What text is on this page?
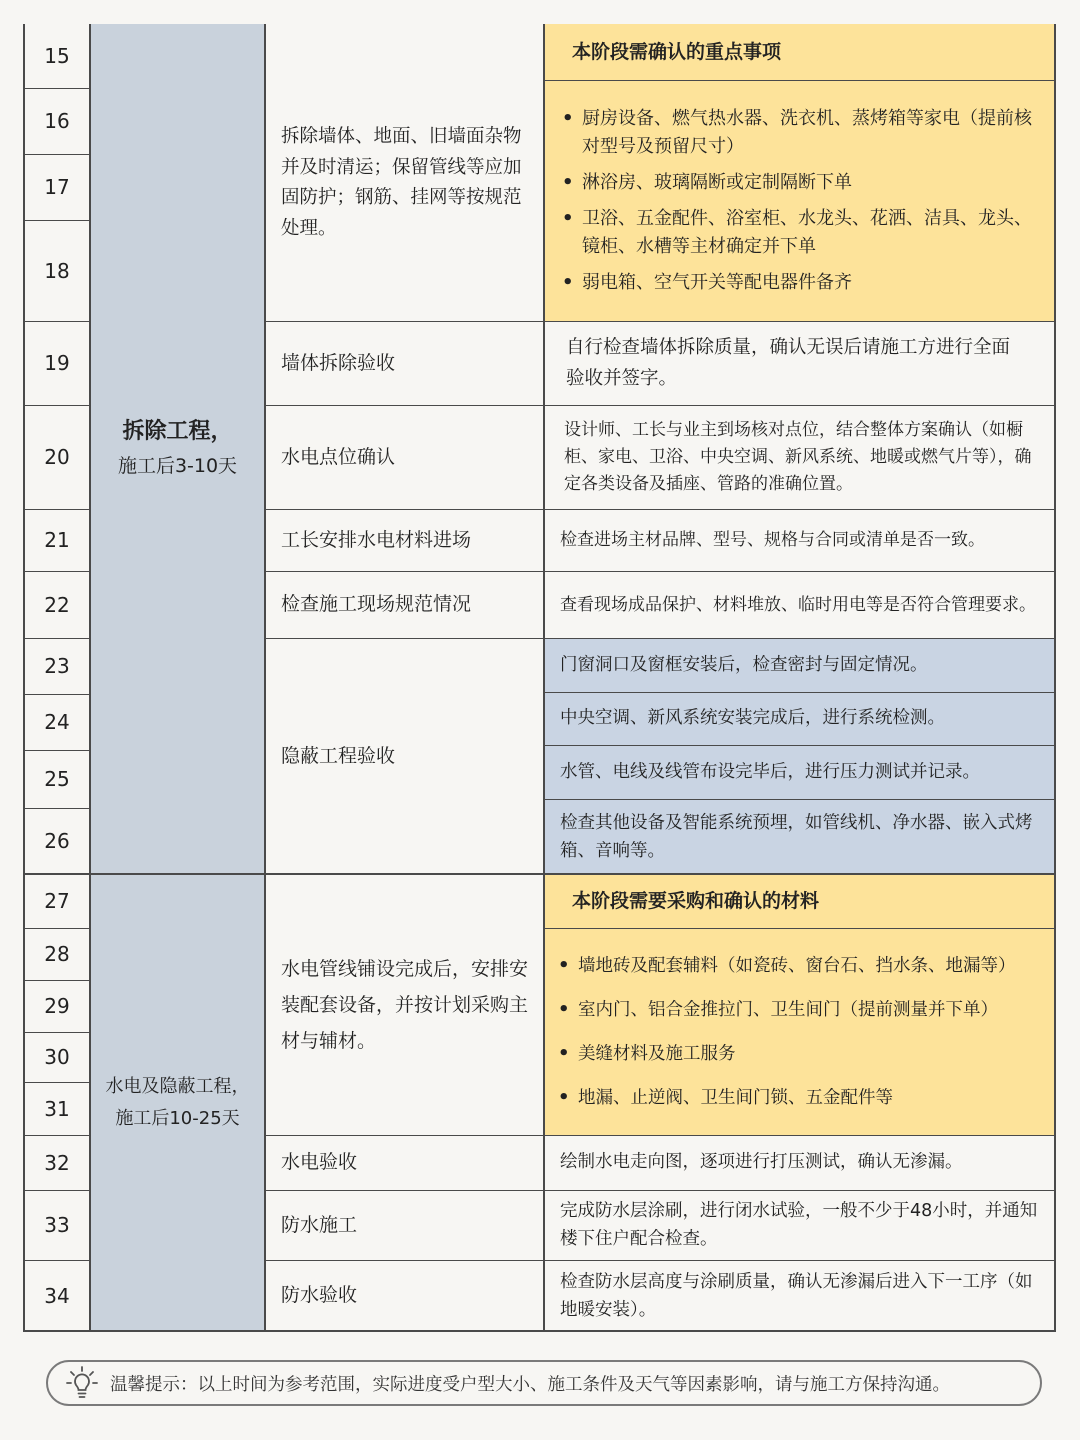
拆除工程，
施工后3-10天
水电及隐蔽工程，
施工后10-25天
15
16
17
18
19
20
21
22
23
24
25
26
27
28
29
30
31
32
33
34
拆除墙体、地面、旧墙面杂物并及时清运；保留管线等应加固防护；钢筋、挂网等按规范处理。
墙体拆除验收
水电点位确认
工长安排水电材料进场
检查施工现场规范情况
隐蔽工程验收
水电管线铺设完成后，安排安装配套设备，并按计划采购主材与辅材。
水电验收
防水施工
防水验收
本阶段需确认的重点事项
• 厨房设备、燃气热水器、洗衣机、蒸烤箱等家电（提前核对型号及预留尺寸）
• 淋浴房、玻璃隔断或定制隔断下单
• 卫浴、五金配件、浴室柜、水龙头、花洒、洁具、龙头、镜柜、水槽等主材确定并下单
• 弱电箱、空气开关等配电器件备齐
自行检查墙体拆除质量，确认无误后请施工方进行全面验收并签字。
设计师、工长与业主到场核对点位，结合整体方案确认（如橱柜、家电、卫浴、中央空调、新风系统、地暖或燃气片等），确定各类设备及插座、管路的准确位置。
检查进场主材品牌、型号、规格与合同或清单是否一致。
查看现场成品保护、材料堆放、临时用电等是否符合管理要求。
门窗洞口及窗框安装后，检查密封与固定情况。
中央空调、新风系统安装完成后，进行系统检测。
水管、电线及线管布设完毕后，进行压力测试并记录。
检查其他设备及智能系统预埋，如管线机、净水器、嵌入式烤箱、音响等。
本阶段需要采购和确认的材料
• 墙地砖及配套辅料（如瓷砖、窗台石、挡水条、地漏等）
• 室内门、铝合金推拉门、卫生间门（提前测量并下单）
• 美缝材料及施工服务
• 地漏、止逆阀、卫生间门锁、五金配件等
绘制水电走向图，逐项进行打压测试，确认无渗漏。
完成防水层涂刷，进行闭水试验，一般不少于48小时，并通知楼下住户配合检查。
检查防水层高度与涂刷质量，确认无渗漏后进入下一工序（如地暖安装）。
温馨提示：以上时间为参考范围，实际进度受户型大小、施工条件及天气等因素影响，请与施工方保持沟通。
